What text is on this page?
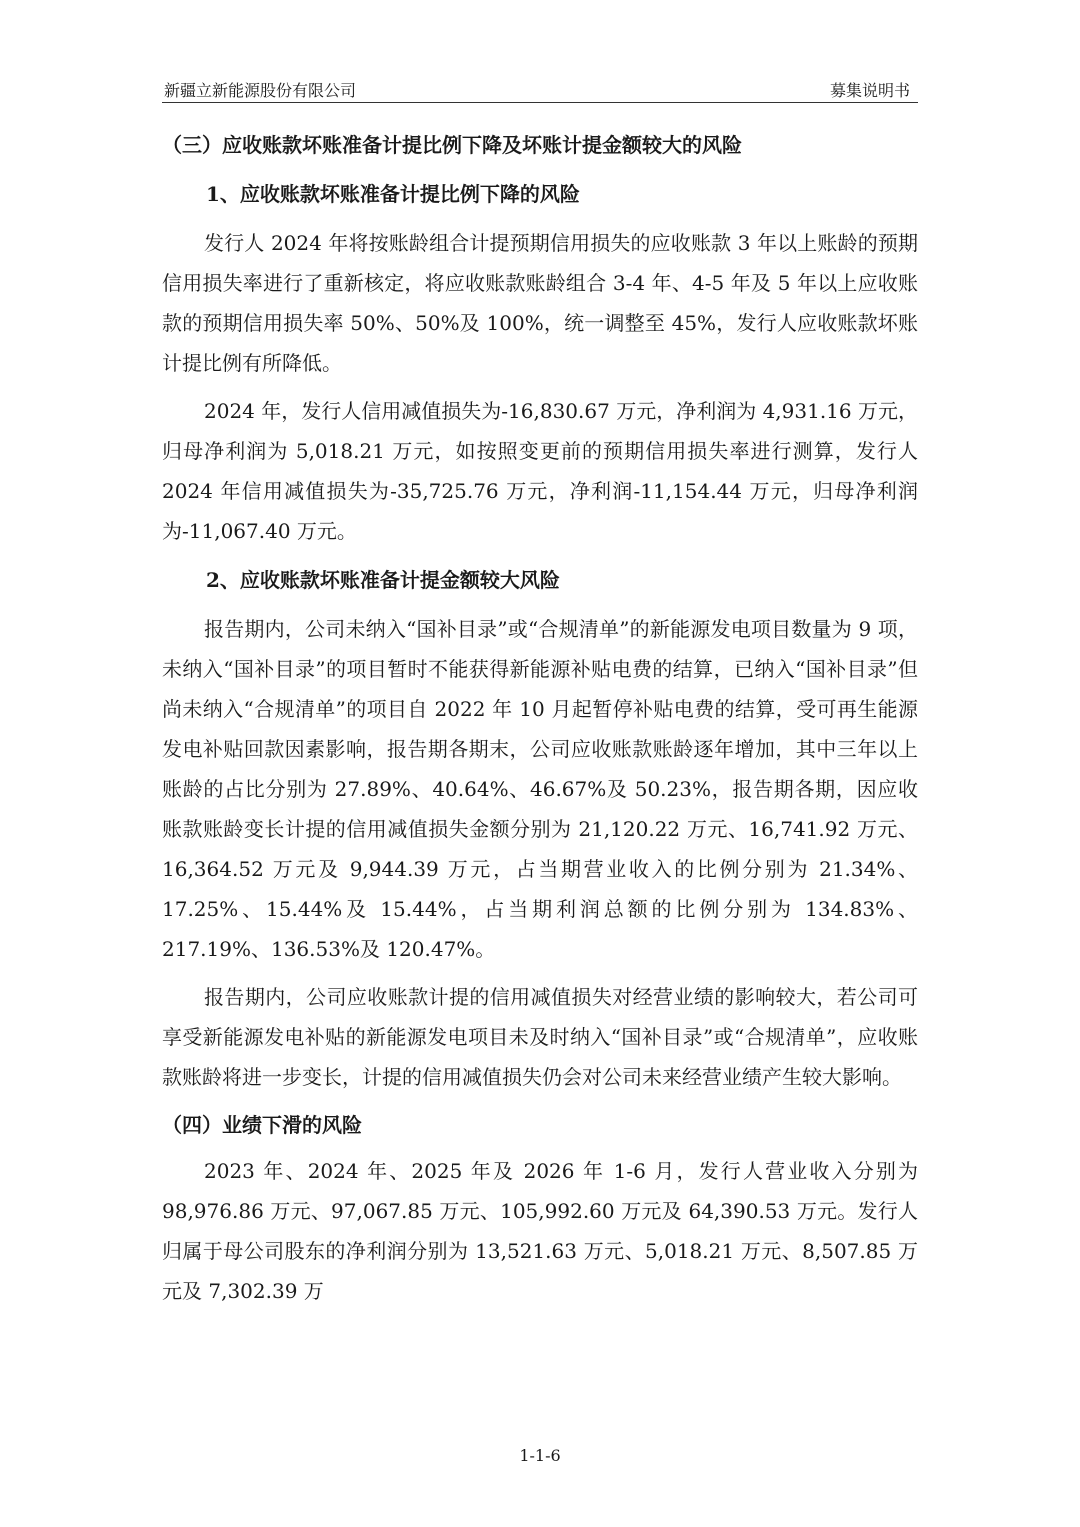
新疆立新能源股份有限公司	募集说明书
（三）应收账款坏账准备计提比例下降及坏账计提金额较大的风险
1、应收账款坏账准备计提比例下降的风险

发行人 2024 年将按账龄组合计提预期信用损失的应收账款 3 年以上账龄的预期信用损失率进行了重新核定，将应收账款账龄组合 3-4 年、4-5 年及 5 年以上应收账款的预期信用损失率 50%、50%及 100%，统一调整至 45%，发行人应收账款坏账计提比例有所降低。

2024 年，发行人信用减值损失为-16,830.67 万元，净利润为 4,931.16 万元，归母净利润为 5,018.21 万元，如按照变更前的预期信用损失率进行测算，发行人 2024 年信用减值损失为-35,725.76 万元，净利润-11,154.44 万元，归母净利润为-11,067.40 万元。

2、应收账款坏账准备计提金额较大风险

报告期内，公司未纳入“国补目录”或“合规清单”的新能源发电项目数量为 9 项，未纳入“国补目录”的项目暂时不能获得新能源补贴电费的结算，已纳入“国补目录”但尚未纳入“合规清单”的项目自 2022 年 10 月起暂停补贴电费的结算，受可再生能源发电补贴回款因素影响，报告期各期末，公司应收账款账龄逐年增加，其中三年以上账龄的占比分别为 27.89%、40.64%、46.67%及 50.23%，报告期各期，因应收账款账龄变长计提的信用减值损失金额分别为 21,120.22 万元、16,741.92 万元、16,364.52 万元及 9,944.39 万元，占当期营业收入的比例分别为 21.34%、17.25%、15.44%及 15.44%，占当期利润总额的比例分别为 134.83%、217.19%、136.53%及 120.47%。

报告期内，公司应收账款计提的信用减值损失对经营业绩的影响较大，若公司可享受新能源发电补贴的新能源发电项目未及时纳入“国补目录”或“合规清单”，应收账款账龄将进一步变长，计提的信用减值损失仍会对公司未来经营业绩产生较大影响。

（四）业绩下滑的风险

2023 年、2024 年、2025 年及 2026 年 1-6 月，发行人营业收入分别为 98,976.86 万元、97,067.85 万元、105,992.60 万元及 64,390.53 万元。发行人归属于母公司股东的净利润分别为 13,521.63 万元、5,018.21 万元、8,507.85 万元及 7,302.39 万

1-1-6
